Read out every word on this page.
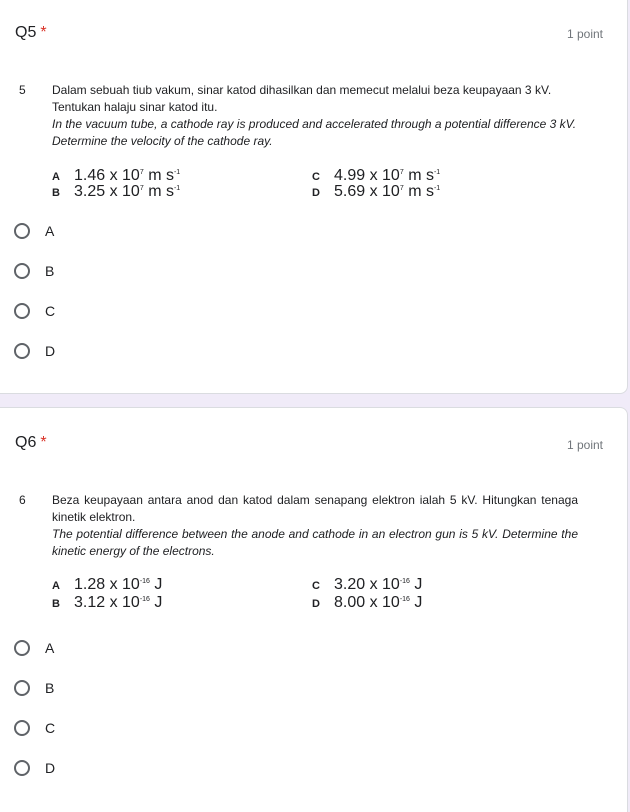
Q5 *	1 point
5 Dalam sebuah tiub vakum, sinar katod dihasilkan dan memecut melalui beza keupayaan 3 kV. Tentukan halaju sinar katod itu.

In the vacuum tube, a cathode ray is produced and accelerated through a potential difference 3 kV. Determine the velocity of the cathode ray.

A 1.46 x $10^7$ m $s^{-1}$
B 3.25 x $10^7$ m $s^{-1}$
C 4.99 x $10^7$ m $s^{-1}$
D 5.69 x $10^7$ m $s^{-1}$
A
B
C
D
Q6 *	1 point
6 Beza keupayaan antara anod dan katod dalam senapang elektron ialah 5 kV. Hitungkan tenaga kinetik elektron.

The potential difference between the anode and cathode in an electron gun is 5 kV. Determine the kinetic energy of the electrons.

A 1.28 x $10^{-16}$ J
B 3.12 x $10^{-16}$ J
C 3.20 x $10^{-16}$ J
D 8.00 x $10^{-16}$ J
A
B
C
D
